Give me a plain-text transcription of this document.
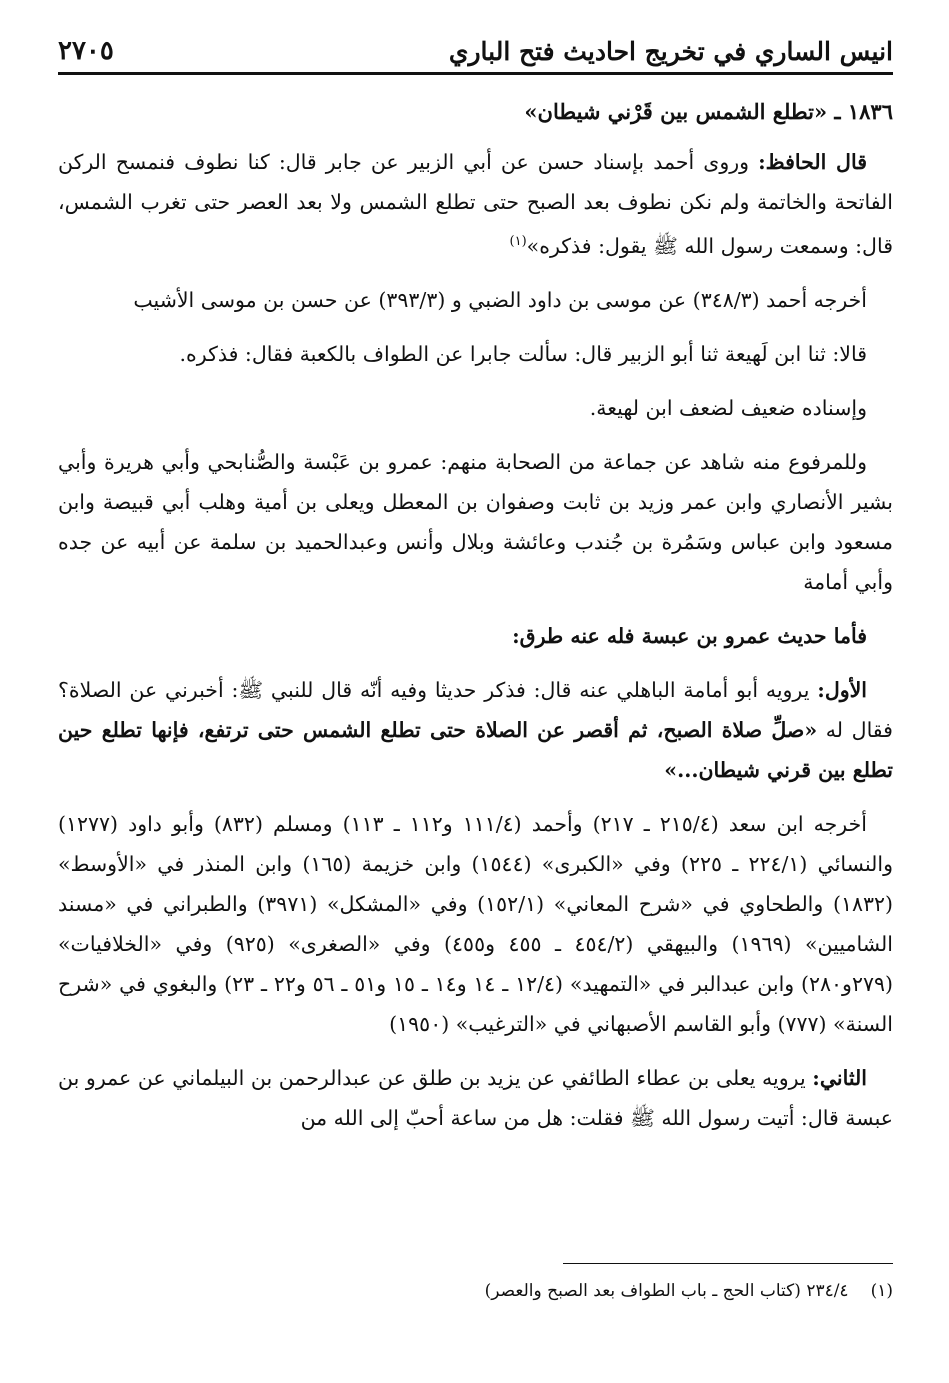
انيس الساري في تخريج احاديث فتح الباري
٢٧٠٥

١٨٣٦ ـ «تطلع الشمس بين قَرْني شيطان»

قال الحافظ: وروى أحمد بإسناد حسن عن أبي الزبير عن جابر قال: كنا نطوف فنمسح الركن الفاتحة والخاتمة ولم نكن نطوف بعد الصبح حتى تطلع الشمس ولا بعد العصر حتى تغرب الشمس، قال: وسمعت رسول الله ﷺ يقول: فذكره»$^{(١)}$

أخرجه أحمد (٣٤٨/٣) عن موسى بن داود الضبي و (٣٩٣/٣) عن حسن بن موسى الأشيب

قالا: ثنا ابن لَهيعة ثنا أبو الزبير قال: سألت جابرا عن الطواف بالكعبة فقال: فذكره.

وإسناده ضعيف لضعف ابن لهيعة.

وللمرفوع منه شاهد عن جماعة من الصحابة منهم: عمرو بن عَبْسة والصُّنابحي وأبي هريرة وأبي بشير الأنصاري وابن عمر وزيد بن ثابت وصفوان بن المعطل ويعلى بن أمية وهلب أبي قبيصة وابن مسعود وابن عباس وسَمُرة بن جُندب وعائشة وبلال وأنس وعبدالحميد بن سلمة عن أبيه عن جده وأبي أمامة

فأما حديث عمرو بن عبسة فله عنه طرق:

الأول: يرويه أبو أمامة الباهلي عنه قال: فذكر حديثا وفيه أنّه قال للنبي ﷺ: أخبرني عن الصلاة؟ فقال له «صلِّ صلاة الصبح، ثم أقصر عن الصلاة حتى تطلع الشمس حتى ترتفع، فإنها تطلع حين تطلع بين قرني شيطان...»

أخرجه ابن سعد (٢١٥/٤ ـ ٢١٧) وأحمد (١١١/٤ و١١٢ ـ ١١٣) ومسلم (٨٣٢) وأبو داود (١٢٧٧) والنسائي (٢٢٤/١ ـ ٢٢٥) وفي «الكبرى» (١٥٤٤) وابن خزيمة (١٦٥) وابن المنذر في «الأوسط» (١٨٣٢) والطحاوي في «شرح المعاني» (١٥٢/١) وفي «المشكل» (٣٩٧١) والطبراني في «مسند الشاميين» (١٩٦٩) والبيهقي (٤٥٤/٢ ـ ٤٥٥ و٤٥٥) وفي «الصغرى» (٩٢٥) وفي «الخلافيات» (٢٧٩و٢٨٠) وابن عبدالبر في «التمهيد» (١٢/٤ ـ ١٤ و١٤ ـ ١٥ و٥١ ـ ٥٦ و٢٢ ـ ٢٣) والبغوي في «شرح السنة» (٧٧٧) وأبو القاسم الأصبهاني في «الترغيب» (١٩٥٠)

الثاني: يرويه يعلى بن عطاء الطائفي عن يزيد بن طلق عن عبدالرحمن بن البيلماني عن عمرو بن عبسة قال: أتيت رسول الله ﷺ فقلت: هل من ساعة أحبّ إلى الله من

(١)٢٣٤/٤ (كتاب الحج ـ باب الطواف بعد الصبح والعصر)
